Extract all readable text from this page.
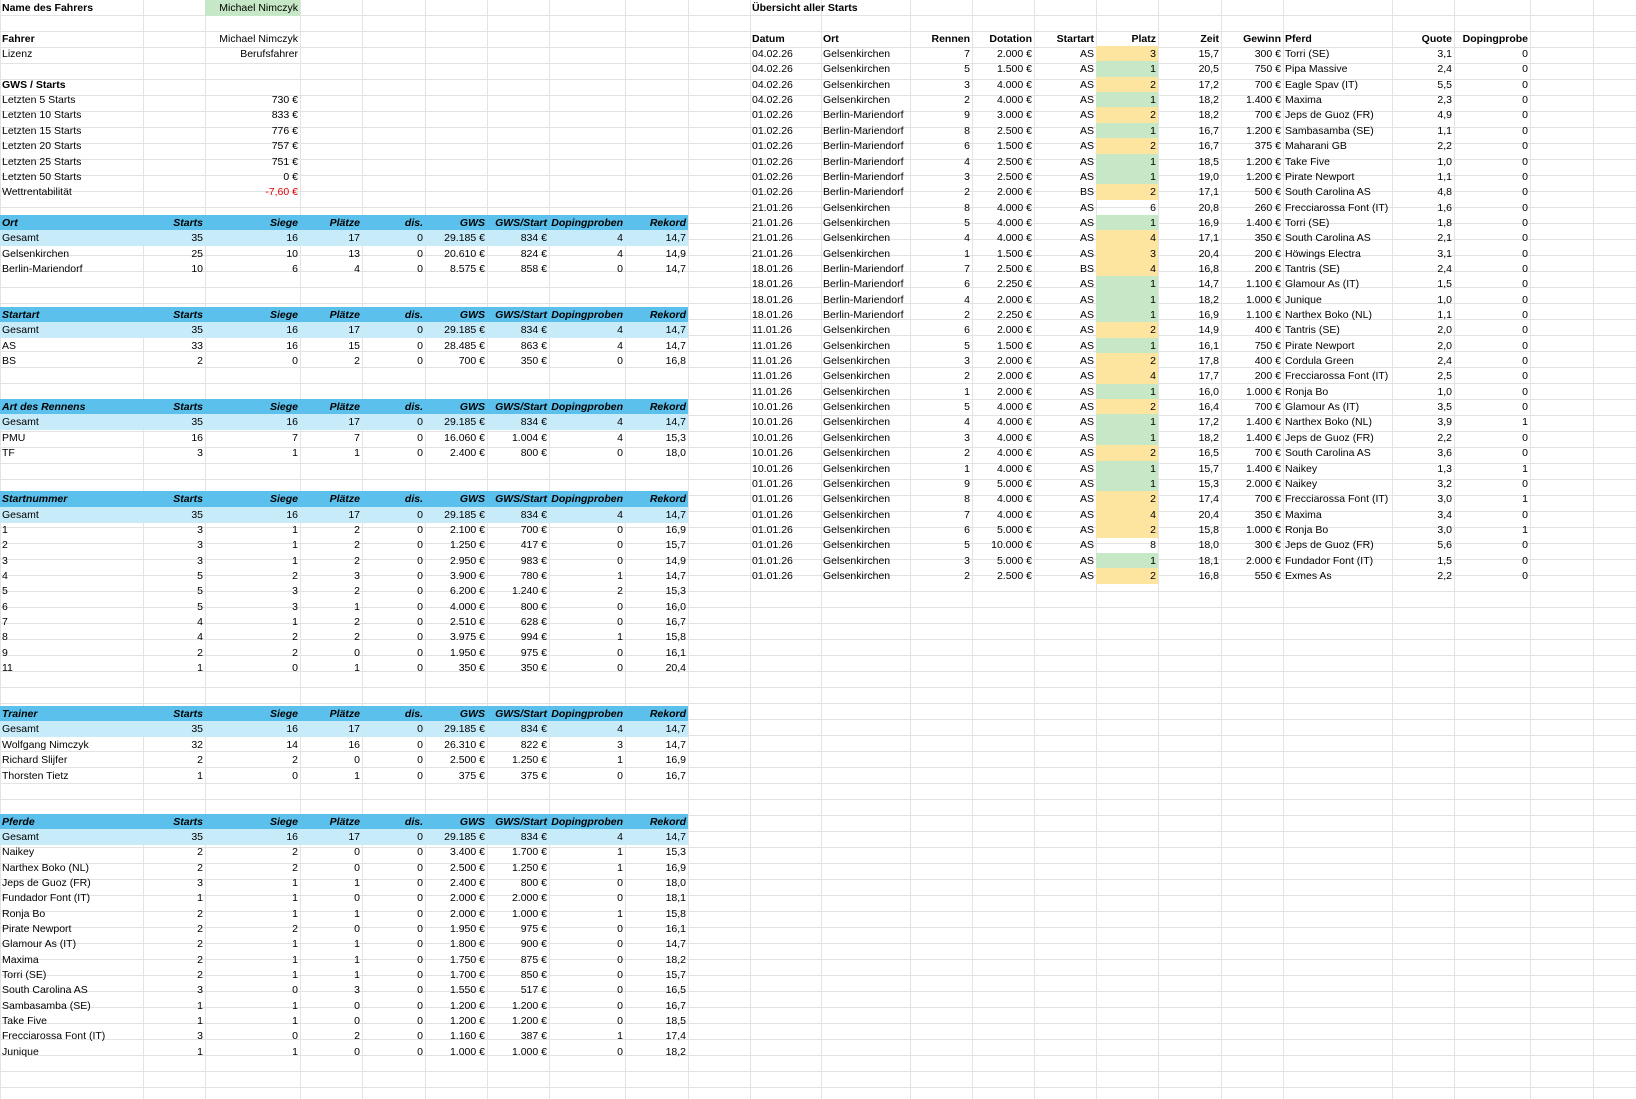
Name des Fahrers	Michael Nimczyk
Fahrer	Michael Nimczyk
Lizenz	Berufsfahrer
GWS / Starts
Letzten 5 Starts	730 €
Letzten 10 Starts	833 €
Letzten 15 Starts	776 €
Letzten 20 Starts	757 €
Letzten 25 Starts	751 €
Letzten 50 Starts	0 €
Wettrentabilität	-7,60 €
Ort	Starts	Siege	Plätze	dis.	GWS GWS/Start Dopingproben	Rekord
Gesamt	35	16	17	0	29.185 €	834 €	4	14,7
Gelsenkirchen	25	10	13	0	20.610 €	824 €	4	14,9
Berlin-Mariendorf	10	6	4	0	8.575 €	858 €	0	14,7
Startart	Starts	Siege	Plätze	dis.	GWS GWS/Start Dopingproben	Rekord
Gesamt	35	16	17	0	29.185 €	834 €	4	14,7
AS	33	16	15	0	28.485 €	863 €	4	14,7
BS	2	0	2	0	700 €	350 €	0	16,8
Art des Rennens	Starts	Siege	Plätze	dis.	GWS GWS/Start Dopingproben	Rekord
Gesamt	35	16	17	0	29.185 €	834 €	4	14,7
PMU	16	7	7	0	16.060 €	1.004 €	4	15,3
TF	3	1	1	0	2.400 €	800 €	0	18,0
Startnummer	Starts	Siege	Plätze	dis.	GWS GWS/Start Dopingproben	Rekord
Gesamt	35	16	17	0	29.185 €	834 €	4	14,7
1	3	1	2	0	2.100 €	700 €	0	16,9
2	3	1	2	0	1.250 €	417 €	0	15,7
3	3	1	2	0	2.950 €	983 €	0	14,9
4	5	2	3	0	3.900 €	780 €	1	14,7
5	5	3	2	0	6.200 €	1.240 €	2	15,3
6	5	3	1	0	4.000 €	800 €	0	16,0
7	4	1	2	0	2.510 €	628 €	0	16,7
8	4	2	2	0	3.975 €	994 €	1	15,8
9	2	2	0	0	1.950 €	975 €	0	16,1
11	1	0	1	0	350 €	350 €	0	20,4
Trainer	Starts	Siege	Plätze	dis.	GWS GWS/Start Dopingproben	Rekord
Gesamt	35	16	17	0	29.185 €	834 €	4	14,7
Wolfgang Nimczyk	32	14	16	0	26.310 €	822 €	3	14,7
Richard Slijfer	2	2	0	0	2.500 €	1.250 €	1	16,9
Thorsten Tietz	1	0	1	0	375 €	375 €	0	16,7
Pferde	Starts	Siege	Plätze	dis.	GWS GWS/Start Dopingproben	Rekord
Gesamt	35	16	17	0	29.185 €	834 €	4	14,7
Naikey	2	2	0	0	3.400 €	1.700 €	1	15,3
Narthex Boko (NL)	2	2	0	0	2.500 €	1.250 €	1	16,9
Jeps de Guoz (FR)	3	1	1	0	2.400 €	800 €	0	18,0
Fundador Font (IT)	1	1	0	0	2.000 €	2.000 €	0	18,1
Ronja Bo	2	1	1	0	2.000 €	1.000 €	1	15,8
Pirate Newport	2	2	0	0	1.950 €	975 €	0	16,1
Glamour As (IT)	2	1	1	0	1.800 €	900 €	0	14,7
Maxima	2	1	1	0	1.750 €	875 €	0	18,2
Torri (SE)	2	1	1	0	1.700 €	850 €	0	15,7
South Carolina AS	3	0	3	0	1.550 €	517 €	0	16,5
Sambasamba (SE)	1	1	0	0	1.200 €	1.200 €	0	16,7
Take Five	1	1	0	0	1.200 €	1.200 €	0	18,5
Frecciarossa Font (IT)	3	0	2	0	1.160 €	387 €	1	17,4
Junique	1	1	0	0	1.000 €	1.000 €	0	18,2
Übersicht aller Starts
Datum	Ort	Rennen	Dotation	Startart	Platz	Zeit	Gewinn Pferd	Quote	Dopingprobe
04.02.26	Gelsenkirchen	7	2.000 €	AS	3	15,7	300 € Torri (SE)	3,1	0
04.02.26	Gelsenkirchen	5	1.500 €	AS	1	20,5	750 € Pipa Massive	2,4	0
04.02.26	Gelsenkirchen	3	4.000 €	AS	2	17,2	700 € Eagle Spav (IT)	5,5	0
04.02.26	Gelsenkirchen	2	4.000 €	AS	1	18,2	1.400 € Maxima	2,3	0
01.02.26	Berlin-Mariendorf	9	3.000 €	AS	2	18,2	700 € Jeps de Guoz (FR)	4,9	0
01.02.26	Berlin-Mariendorf	8	2.500 €	AS	1	16,7	1.200 € Sambasamba (SE)	1,1	0
01.02.26	Berlin-Mariendorf	6	1.500 €	AS	2	16,7	375 € Maharani GB	2,2	0
01.02.26	Berlin-Mariendorf	4	2.500 €	AS	1	18,5	1.200 € Take Five	1,0	0
01.02.26	Berlin-Mariendorf	3	2.500 €	AS	1	19,0	1.200 € Pirate Newport	1,1	0
01.02.26	Berlin-Mariendorf	2	2.000 €	BS	2	17,1	500 € South Carolina AS	4,8	0
21.01.26	Gelsenkirchen	8	4.000 €	AS	6	20,8	260 € Frecciarossa Font (IT)	1,6	0
21.01.26	Gelsenkirchen	5	4.000 €	AS	1	16,9	1.400 € Torri (SE)	1,8	0
21.01.26	Gelsenkirchen	4	4.000 €	AS	4	17,1	350 € South Carolina AS	2,1	0
21.01.26	Gelsenkirchen	1	1.500 €	AS	3	20,4	200 € Höwings Electra	3,1	0
18.01.26	Berlin-Mariendorf	7	2.500 €	BS	4	16,8	200 € Tantris (SE)	2,4	0
18.01.26	Berlin-Mariendorf	6	2.250 €	AS	1	14,7	1.100 € Glamour As (IT)	1,5	0
18.01.26	Berlin-Mariendorf	4	2.000 €	AS	1	18,2	1.000 € Junique	1,0	0
18.01.26	Berlin-Mariendorf	2	2.250 €	AS	1	16,9	1.100 € Narthex Boko (NL)	1,1	0
11.01.26	Gelsenkirchen	6	2.000 €	AS	2	14,9	400 € Tantris (SE)	2,0	0
11.01.26	Gelsenkirchen	5	1.500 €	AS	1	16,1	750 € Pirate Newport	2,0	0
11.01.26	Gelsenkirchen	3	2.000 €	AS	2	17,8	400 € Cordula Green	2,4	0
11.01.26	Gelsenkirchen	2	2.000 €	AS	4	17,7	200 € Frecciarossa Font (IT)	2,5	0
11.01.26	Gelsenkirchen	1	2.000 €	AS	1	16,0	1.000 € Ronja Bo	1,0	0
10.01.26	Gelsenkirchen	5	4.000 €	AS	2	16,4	700 € Glamour As (IT)	3,5	0
10.01.26	Gelsenkirchen	4	4.000 €	AS	1	17,2	1.400 € Narthex Boko (NL)	3,9	1
10.01.26	Gelsenkirchen	3	4.000 €	AS	1	18,2	1.400 € Jeps de Guoz (FR)	2,2	0
10.01.26	Gelsenkirchen	2	4.000 €	AS	2	16,5	700 € South Carolina AS	3,6	0
10.01.26	Gelsenkirchen	1	4.000 €	AS	1	15,7	1.400 € Naikey	1,3	1
01.01.26	Gelsenkirchen	9	5.000 €	AS	1	15,3	2.000 € Naikey	3,2	0
01.01.26	Gelsenkirchen	8	4.000 €	AS	2	17,4	700 € Frecciarossa Font (IT)	3,0	1
01.01.26	Gelsenkirchen	7	4.000 €	AS	4	20,4	350 € Maxima	3,4	0
01.01.26	Gelsenkirchen	6	5.000 €	AS	2	15,8	1.000 € Ronja Bo	3,0	1
01.01.26	Gelsenkirchen	5	10.000 €	AS	8	18,0	300 € Jeps de Guoz (FR)	5,6	0
01.01.26	Gelsenkirchen	3	5.000 €	AS	1	18,1	2.000 € Fundador Font (IT)	1,5	0
01.01.26	Gelsenkirchen	2	2.500 €	AS	2	16,8	550 € Exmes As	2,2	0
